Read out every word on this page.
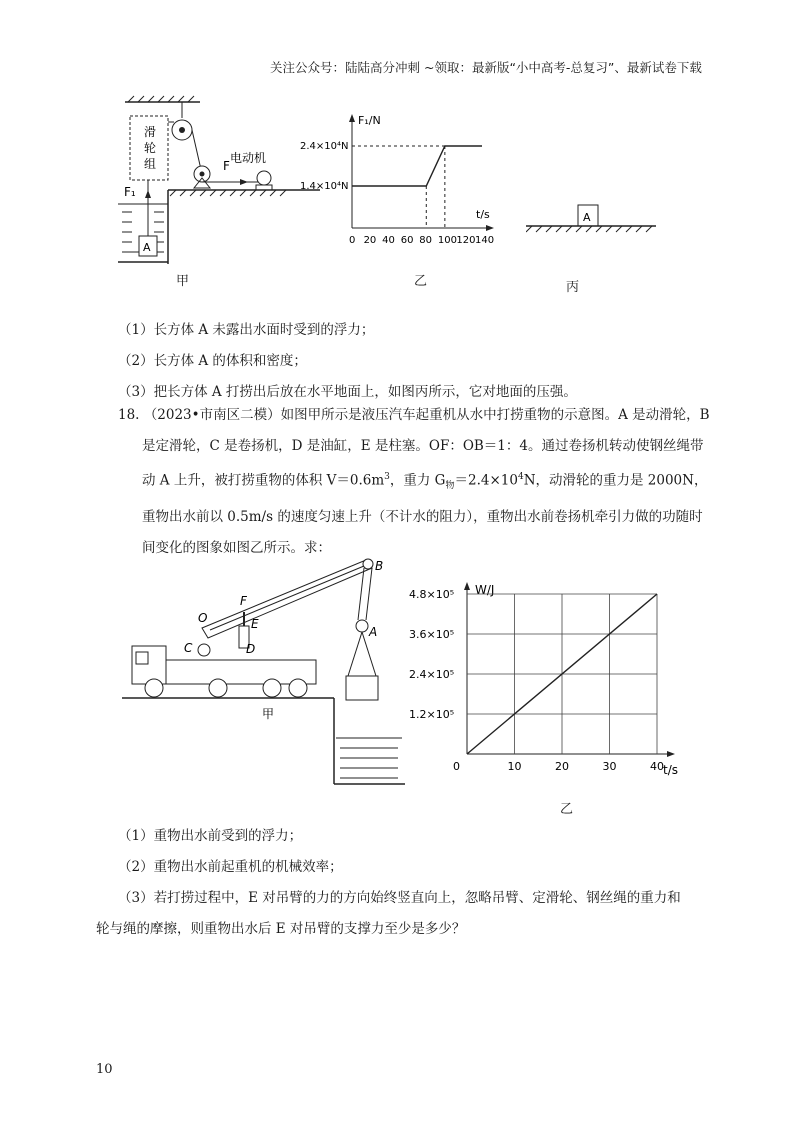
关注公众号：陆陆高分冲刺 ~领取：最新版“小中高考-总复习”、最新试卷下载
滑
轮
组	F
电动机
F₁
A
甲
F₁/N
t/s
2.4×10⁴N
1.4×10⁴N
0 20 40 60 80 100 120 140
乙
A
丙
（1）长方体 A 未露出水面时受到的浮力；
（2）长方体 A 的体积和密度；
（3）把长方体 A 打捞出后放在水平地面上，如图丙所示，它对地面的压强。
18. （2023•市南区二模）如图甲所示是液压汽车起重机从水中打捞重物的示意图。A 是动滑轮，B 是定滑轮，C 是卷扬机，D 是油缸，E 是柱塞。OF：OB＝1：4。通过卷扬机转动使钢丝绳带动 A 上升，被打捞重物的体积 $V=0.6m^3$，重力 $G_物=2.4\times 10^4N$，动滑轮的重力是 2000N，重物出水前以 0.5m/s 的速度匀速上升（不计水的阻力），重物出水前卷扬机牵引力做的功随时间变化的图象如图乙所示。求：
B
F
O	E
D
A
C
甲
W/J
t/s
1.2×10⁵
2.4×10⁵
3.6×10⁵
4.8×10⁵
0	10	20	30	40
乙
（1）重物出水前受到的浮力；
（2）重物出水前起重机的机械效率；
（3）若打捞过程中，E 对吊臂的力的方向始终竖直向上，忽略吊臂、定滑轮、钢丝绳的重力和
轮与绳的摩擦，则重物出水后 E 对吊臂的支撑力至少是多少？
10
